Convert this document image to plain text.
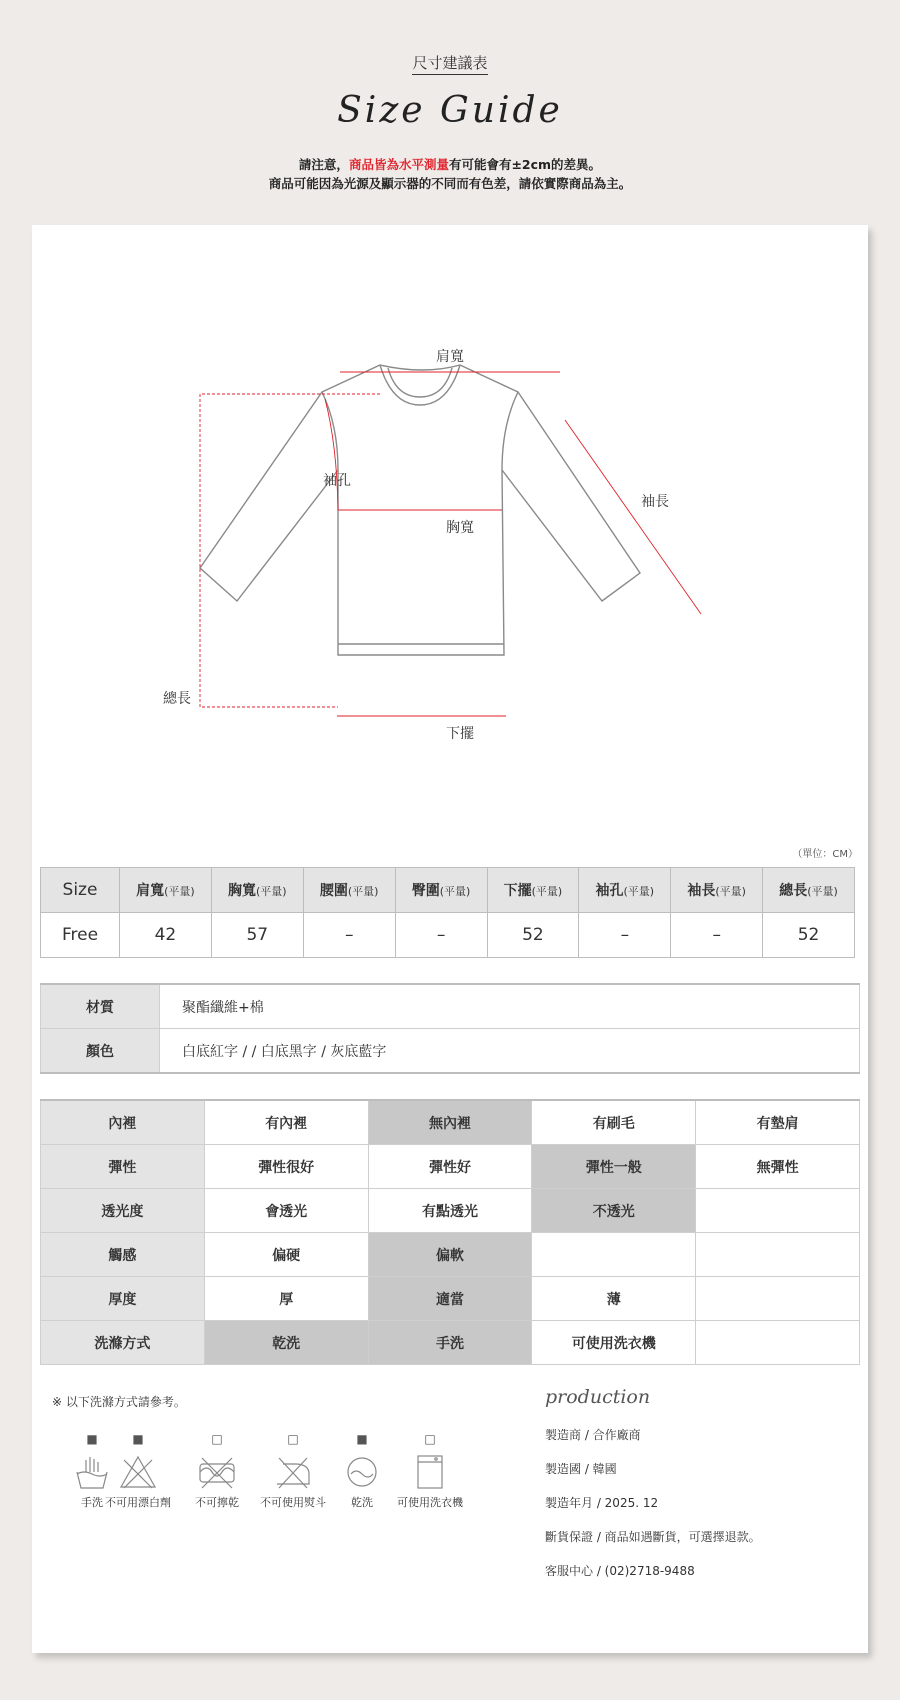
尺寸建議表
Size Guide
請注意，商品皆為水平測量有可能會有±2cm的差異。
商品可能因為光源及顯示器的不同而有色差，請依實際商品為主。
肩寬
袖孔
胸寬
袖長
總長
下擺
（單位：CM）
Size	肩寬(平量)	胸寬(平量)	腰圍(平量)	臀圍(平量)	下擺(平量)	袖孔(平量)	袖長(平量)	總長(平量)
Free	42	57	–	–	52	–	–	52
材質	聚酯纖維+棉
顏色	白底紅字 / / 白底黑字 / 灰底藍字
內裡	有內裡	無內裡	有刷毛	有墊肩
彈性	彈性很好	彈性好	彈性一般	無彈性
透光度	會透光	有點透光	不透光	
觸感	偏硬	偏軟		
厚度	厚	適當	薄	
洗滌方式	乾洗	手洗	可使用洗衣機	
※ 以下洗滌方式請參考。
■
手洗
■
不可用漂白劑
□
不可擰乾
□
不可使用熨斗
■
乾洗
□
可使用洗衣機
production
製造商 / 合作廠商
製造國 / 韓國
製造年月 / 2025. 12
斷貨保證 / 商品如遇斷貨，可選擇退款。
客服中心 / (02)2718-9488
